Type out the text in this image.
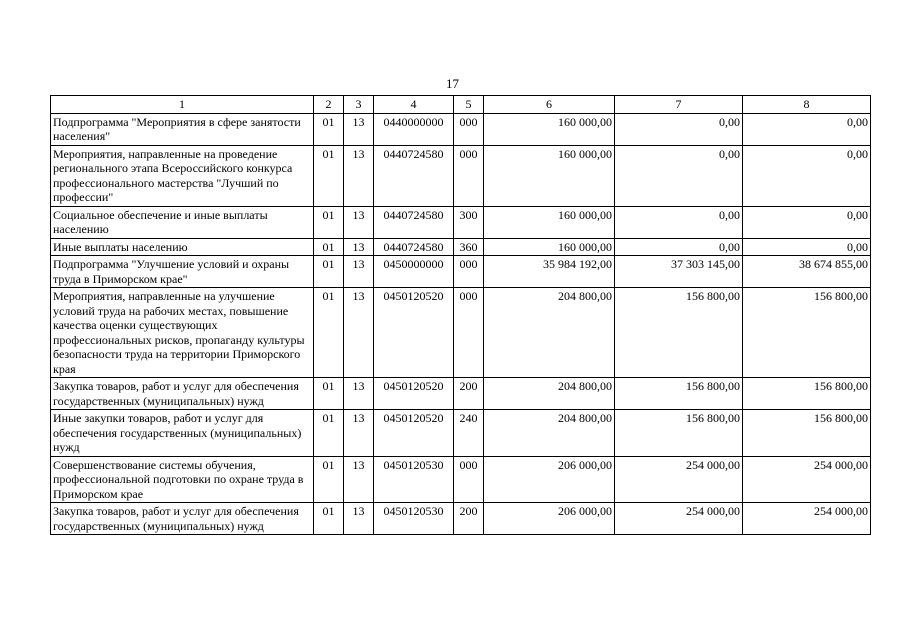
17
1	2	3	4	5	6	7	8
Подпрограмма "Мероприятия в сфере занятости населения"	01	13	0440000000	000	160 000,00	0,00	0,00
Мероприятия, направленные на проведение регионального этапа Всероссийского конкурса профессионального мастерства "Лучший по профессии"	01	13	0440724580	000	160 000,00	0,00	0,00
Социальное обеспечение и иные выплаты населению	01	13	0440724580	300	160 000,00	0,00	0,00
Иные выплаты населению	01	13	0440724580	360	160 000,00	0,00	0,00
Подпрограмма "Улучшение условий и охраны труда в Приморском крае"	01	13	0450000000	000	35 984 192,00	37 303 145,00	38 674 855,00
Мероприятия, направленные на улучшение условий труда на рабочих местах, повышение качества оценки существующих профессиональных рисков, пропаганду культуры безопасности труда на территории Приморского края	01	13	0450120520	000	204 800,00	156 800,00	156 800,00
Закупка товаров, работ и услуг для обеспечения государственных (муниципальных) нужд	01	13	0450120520	200	204 800,00	156 800,00	156 800,00
Иные закупки товаров, работ и услуг для обеспечения государственных (муниципальных) нужд	01	13	0450120520	240	204 800,00	156 800,00	156 800,00
Совершенствование системы обучения, профессиональной подготовки по охране труда в Приморском крае	01	13	0450120530	000	206 000,00	254 000,00	254 000,00
Закупка товаров, работ и услуг для обеспечения государственных (муниципальных) нужд	01	13	0450120530	200	206 000,00	254 000,00	254 000,00
